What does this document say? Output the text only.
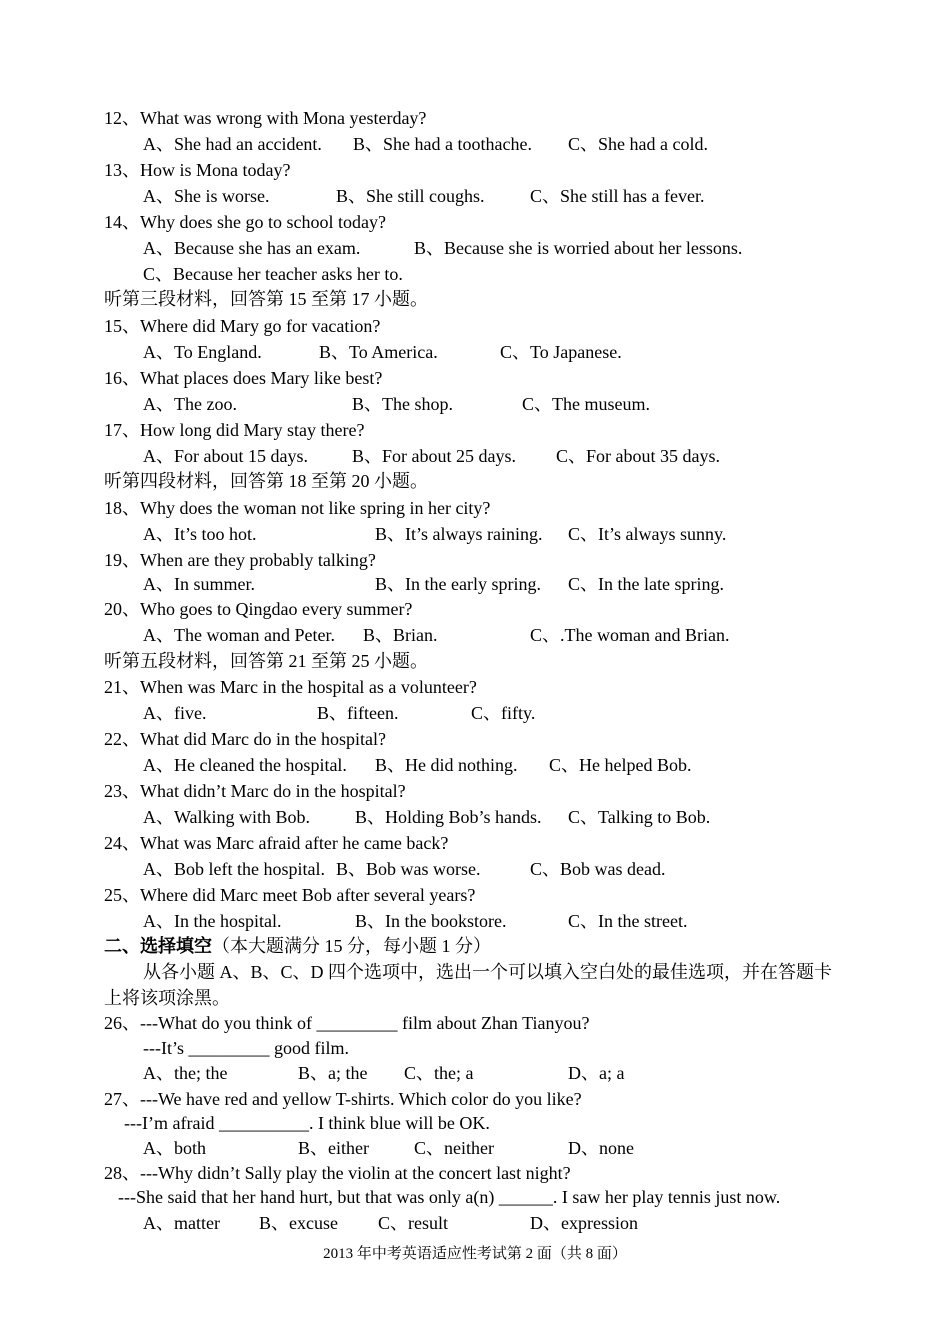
12、What was wrong with Mona yesterday?
A、She had an accident. B、She had a toothache. C、She had a cold.
13、How is Mona today?
A、She is worse.	B、She still coughs.	C、She still has a fever.
14、Why does she go to school today?
A、Because she has an exam.	B、Because she is worried about her lessons.
C、Because her teacher asks her to.
听第三段材料，回答第 15 至第 17 小题。
15、Where did Mary go for vacation?
A、To England.	B、To America.	C、To Japanese.
16、What places does Mary like best?
A、The zoo.	B、The shop.	C、The museum.
17、How long did Mary stay there?
A、For about 15 days. B、For about 25 days. C、For about 35 days.
听第四段材料，回答第 18 至第 20 小题。
18、Why does the woman not like spring in her city?
A、It’s too hot.	B、It’s always raining. C、It’s always sunny.
19、When are they probably talking?
A、In summer.	B、In the early spring. C、In the late spring.
20、Who goes to Qingdao every summer?
A、The woman and Peter. B、Brian.	C、.The woman and Brian.
听第五段材料，回答第 21 至第 25 小题。
21、When was Marc in the hospital as a volunteer?
A、five.	B、fifteen.	C、fifty.
22、What did Marc do in the hospital?
A、He cleaned the hospital. B、He did nothing. C、He helped Bob.
23、What didn’t Marc do in the hospital?
A、Walking with Bob. B、Holding Bob’s hands. C、Talking to Bob.
24、What was Marc afraid after he came back?
A、Bob left the hospital. B、Bob was worse.	C、Bob was dead.
25、Where did Marc meet Bob after several years?
A、In the hospital.	B、In the bookstore.	C、In the street.
二、选择填空（本大题满分 15 分，每小题 1 分）
从各小题 A、B、C、D 四个选项中，选出一个可以填入空白处的最佳选项，并在答题卡
上将该项涂黑。
26、---What do you think of _________ film about Zhan Tianyou?
---It’s _________ good film.
A、the; the	B、a; the C、the; a	D、a; a
27、---We have red and yellow T-shirts. Which color do you like?
---I’m afraid __________. I think blue will be OK.
A、both	B、either	C、neither	D、none
28、---Why didn’t Sally play the violin at the concert last night?
---She said that her hand hurt, but that was only a(n) ______. I saw her play tennis just now.
A、matter B、excuse C、result	D、expression
2013 年中考英语适应性考试第 2 面（共 8 面）
